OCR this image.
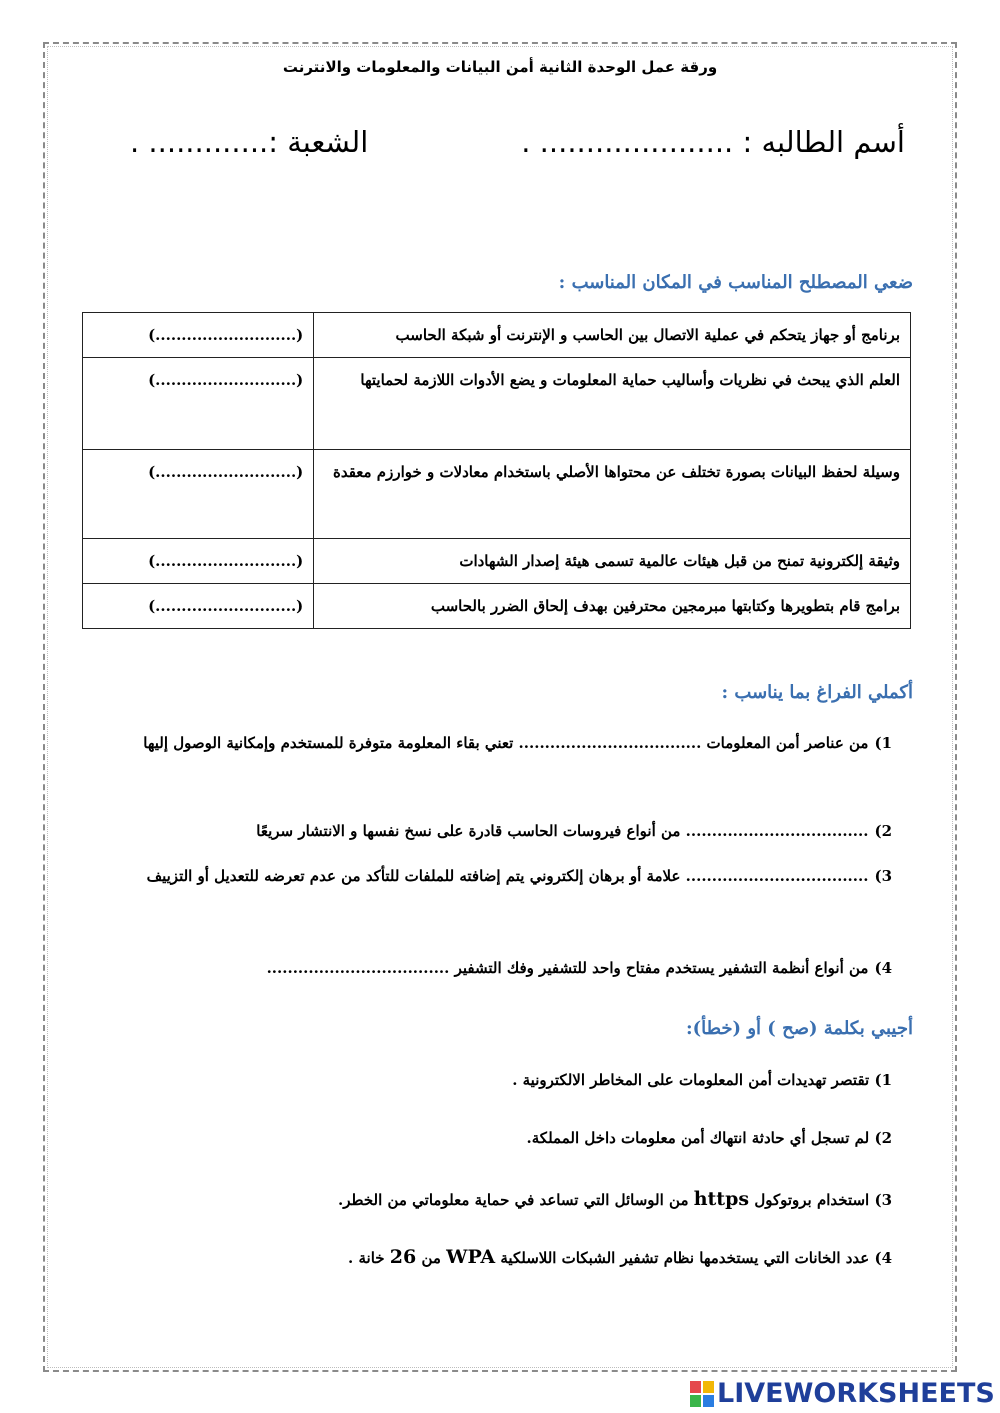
ورقة عمل الوحدة الثانية أمن البيانات والمعلومات والانترنت
أسم الطالبه : ..................... .
الشعبة :............. .
ضعي المصطلح المناسب في المكان المناسب :
برنامج أو جهاز يتحكم في عملية الاتصال بين الحاسب و الإنترنت أو شبكة الحاسب	(...........................)
العلم الذي يبحث في نظريات وأساليب حماية المعلومات و يضع الأدوات اللازمة لحمايتها	(...........................)
وسيلة لحفظ البيانات بصورة تختلف عن محتواها الأصلي باستخدام معادلات و خوارزم معقدة	(...........................)
وثيقة إلكترونية تمنح من قبل هيئات عالمية تسمى هيئة إصدار الشهادات	(...........................)
برامج قام بتطويرها وكتابتها مبرمجين محترفين بهدف إلحاق الضرر بالحاسب	(...........................)
أكملي الفراغ بما يناسب :
1)من عناصر أمن المعلومات ................................... تعني بقاء المعلومة متوفرة للمستخدم وإمكانية الوصول إليها
2)................................... من أنواع فيروسات الحاسب قادرة على نسخ نفسها و الانتشار سريعًا
3)................................... علامة أو برهان إلكتروني يتم إضافته للملفات للتأكد من عدم تعرضه للتعديل أو التزييف
4)من أنواع أنظمة التشفير يستخدم مفتاح واحد للتشفير وفك التشفير ...................................
أجيبي بكلمة (صح ) أو (خطأ):
1) تقتصر تهديدات أمن المعلومات على المخاطر الالكترونية .
2) لم تسجل أي حادثة انتهاك أمن معلومات داخل المملكة.
3) استخدام بروتوكول https من الوسائل التي تساعد في حماية معلوماتي من الخطر.
4) عدد الخانات التي يستخدمها نظام تشفير الشبكات اللاسلكية WPA من 26 خانة .
LIVEWORKSHEETS
